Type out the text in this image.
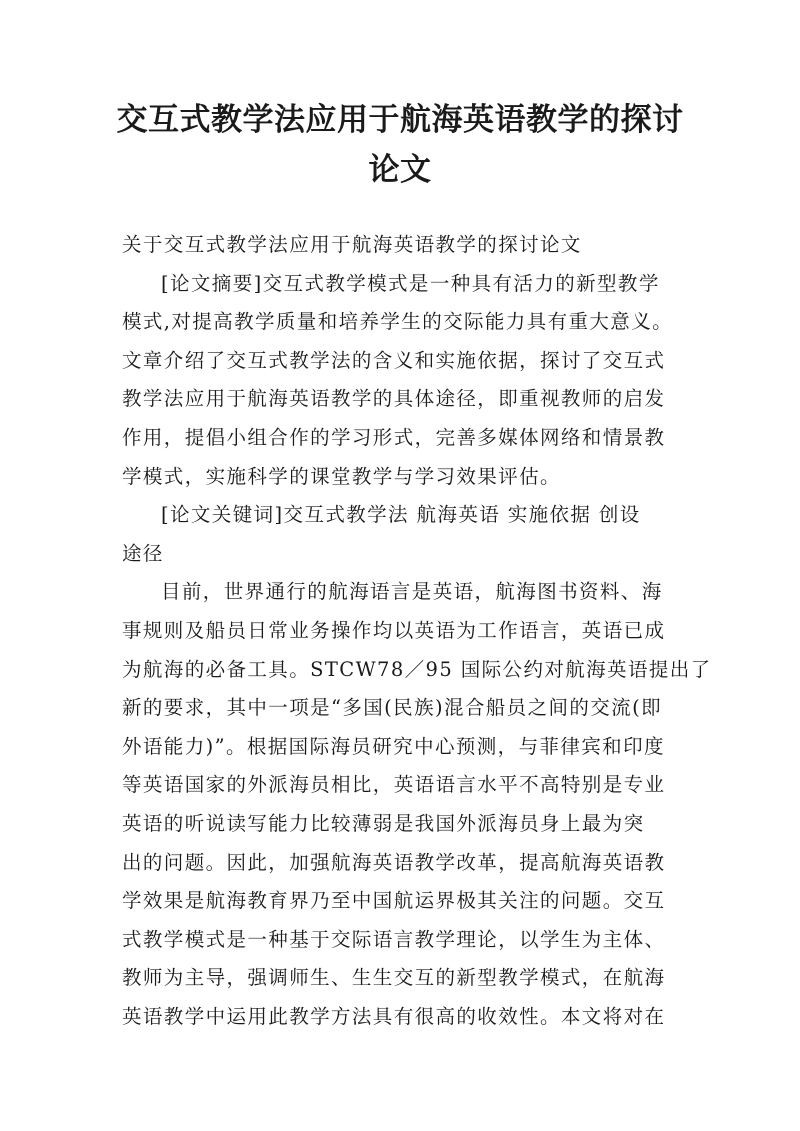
交互式教学法应用于航海英语教学的探讨
论文
关于交互式教学法应用于航海英语教学的探讨论文
[论文摘要]交互式教学模式是一种具有活力的新型教学
模式,对提高教学质量和培养学生的交际能力具有重大意义。
文章介绍了交互式教学法的含义和实施依据，探讨了交互式
教学法应用于航海英语教学的具体途径，即重视教师的启发
作用，提倡小组合作的学习形式，完善多媒体网络和情景教
学模式，实施科学的课堂教学与学习效果评估。
[论文关键词]交互式教学法 航海英语 实施依据 创设
途径
目前，世界通行的航海语言是英语，航海图书资料、海
事规则及船员日常业务操作均以英语为工作语言，英语已成
为航海的必备工具。STCW78／95 国际公约对航海英语提出了
新的要求，其中一项是“多国(民族)混合船员之间的交流(即
外语能力)”。根据国际海员研究中心预测，与菲律宾和印度
等英语国家的外派海员相比，英语语言水平不高特别是专业
英语的听说读写能力比较薄弱是我国外派海员身上最为突
出的问题。因此，加强航海英语教学改革，提高航海英语教
学效果是航海教育界乃至中国航运界极其关注的问题。交互
式教学模式是一种基于交际语言教学理论，以学生为主体、
教师为主导，强调师生、生生交互的新型教学模式，在航海
英语教学中运用此教学方法具有很高的收效性。本文将对在
